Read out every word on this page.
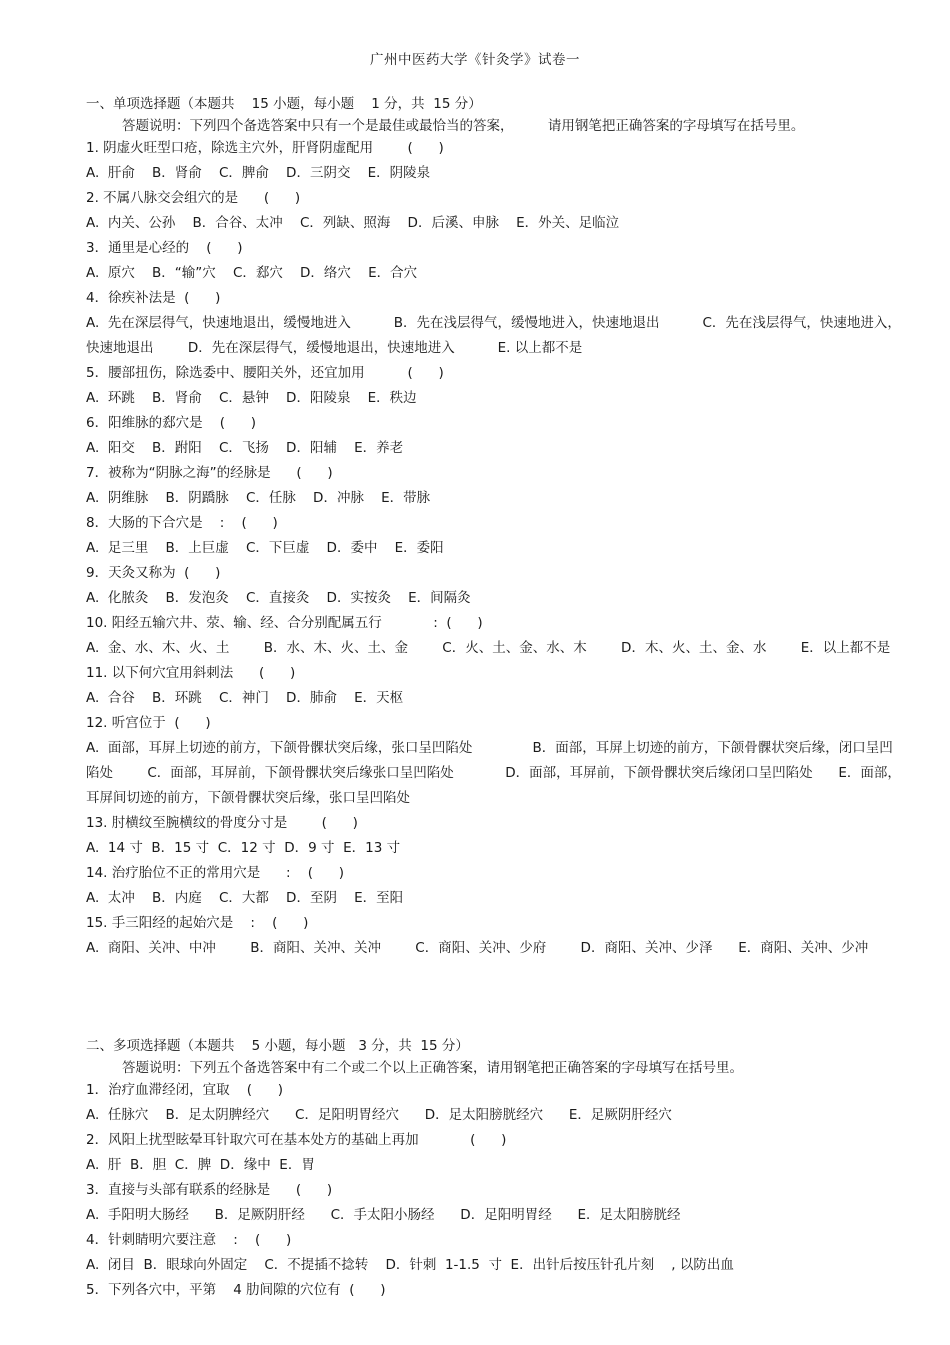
广州中医药大学《针灸学》试卷一
一、单项选择题（本题共    15 小题，每小题    1 分，共  15 分）
答题说明：下列四个备选答案中只有一个是最佳或最恰当的答案，        请用钢笔把正确答案的字母填写在括号里。
1. 阴虚火旺型口疮，除选主穴外，肝肾阴虚配用        (      )
A.  肝俞    B．肾俞    C．脾俞    D．三阴交    E．阴陵泉
2. 不属八脉交会组穴的是      (      )
A.  内关、公孙    B．合谷、太冲    C．列缺、照海    D．后溪、申脉    E．外关、足临泣
3．通里是心经的    (      )
A.  原穴    B．“输”穴    C．郄穴    D．络穴    E．合穴
4．徐疾补法是  (      )
A.  先在深层得气，快速地退出，缓慢地进入          B．先在浅层得气，缓慢地进入，快速地退出          C．先在浅层得气，快速地进入，快速地退出        D．先在深层得气，缓慢地退出，快速地进入          E. 以上都不是
5．腰部扭伤，除选委中、腰阳关外，还宜加用          (      )
A.  环跳    B．肾俞    C．悬钟    D．阳陵泉    E．秩边
6．阳维脉的郄穴是    (      )
A.  阳交    B．跗阳    C．飞扬    D．阳辅    E．养老
7．被称为“阴脉之海”的经脉是      (      )
A.  阴维脉    B．阴蹻脉    C．任脉    D．冲脉    E．带脉
8．大肠的下合穴是    :    (      )
A.  足三里    B．上巨虚    C．下巨虚    D．委中    E．委阳
9．天灸又称为  (      )
A.  化脓灸    B．发泡灸    C．直接灸    D．实按灸    E．间隔灸
10. 阳经五输穴井、荥、输、经、合分别配属五行            :  (      )
A.  金、水、木、火、土        B．水、木、火、土、金        C．火、土、金、水、木        D．木、火、土、金、水        E．以上都不是
11. 以下何穴宜用斜刺法      (      )
A.  合谷    B．环跳    C．神门    D．肺俞    E．天枢
12. 听宫位于  (      )
A.  面部，耳屏上切迹的前方，下颌骨髁状突后缘，张口呈凹陷处              B．面部，耳屏上切迹的前方，下颌骨髁状突后缘，闭口呈凹陷处        C．面部，耳屏前，下颌骨髁状突后缘张口呈凹陷处            D．面部，耳屏前，下颌骨髁状突后缘闭口呈凹陷处      E．面部，耳屏间切迹的前方，下颌骨髁状突后缘，张口呈凹陷处
13. 肘横纹至腕横纹的骨度分寸是        (      )
A.  14 寸  B．15 寸  C．12 寸  D．9 寸  E．13 寸
14. 治疗胎位不正的常用穴是      :    (      )
A.  太冲    B．内庭    C．大都    D．至阴    E．至阳
15. 手三阳经的起始穴是    :    (      )
A.  商阳、关冲、中冲        B．商阳、关冲、关冲        C．商阳、关冲、少府        D．商阳、关冲、少泽      E．商阳、关冲、少冲
二、多项选择题（本题共    5 小题，每小题   3 分，共  15 分）
答题说明：下列五个备选答案中有二个或二个以上正确答案，请用钢笔把正确答案的字母填写在括号里。
1．治疗血滞经闭，宜取    (      )
A.  任脉穴    B．足太阴脾经穴      C．足阳明胃经穴      D．足太阳膀胱经穴      E．足厥阴肝经穴
2．风阳上扰型眩晕耳针取穴可在基本处方的基础上再加            (      )
A.  肝  B．胆  C．脾  D．缘中  E．胃
3．直接与头部有联系的经脉是      (      )
A.  手阳明大肠经      B．足厥阴肝经      C．手太阳小肠经      D．足阳明胃经      E．足太阳膀胱经
4．针刺睛明穴要注意    :    (      )
A.  闭目  B．眼球向外固定    C．不提插不捻转    D．针刺  1-1.5  寸  E．出针后按压针孔片刻    , 以防出血
5．下列各穴中，平第    4 肋间隙的穴位有  (      )
